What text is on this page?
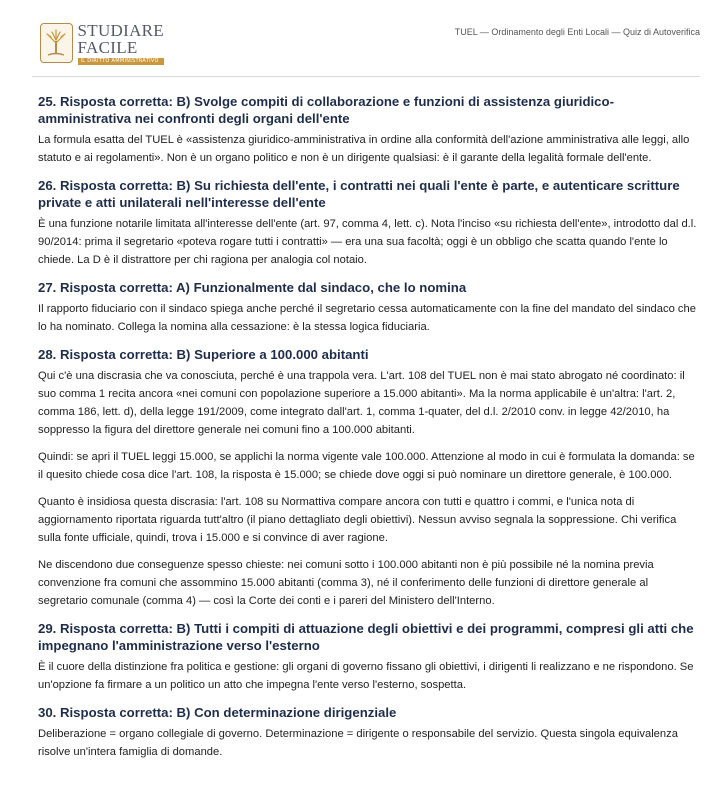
STUDIARE
FACILE
IL DIRITTO AMMINISTRATIVO
TUEL — Ordinamento degli Enti Locali — Quiz di Autoverifica
25. Risposta corretta: B) Svolge compiti di collaborazione e funzioni di assistenza giuridico-amministrativa nei confronti degli organi dell'ente

La formula esatta del TUEL è «assistenza giuridico-amministrativa in ordine alla conformità dell'azione amministrativa alle leggi, allo statuto e ai regolamenti». Non è un organo politico e non è un dirigente qualsiasi: è il garante della legalità formale dell'ente.

26. Risposta corretta: B) Su richiesta dell'ente, i contratti nei quali l'ente è parte, e autenticare scritture private e atti unilaterali nell'interesse dell'ente

È una funzione notarile limitata all'interesse dell'ente (art. 97, comma 4, lett. c). Nota l'inciso «su richiesta dell'ente», introdotto dal d.l. 90/2014: prima il segretario «poteva rogare tutti i contratti» — era una sua facoltà; oggi è un obbligo che scatta quando l'ente lo chiede. La D è il distrattore per chi ragiona per analogia col notaio.

27. Risposta corretta: A) Funzionalmente dal sindaco, che lo nomina

Il rapporto fiduciario con il sindaco spiega anche perché il segretario cessa automaticamente con la fine del mandato del sindaco che lo ha nominato. Collega la nomina alla cessazione: è la stessa logica fiduciaria.

28. Risposta corretta: B) Superiore a 100.000 abitanti

Qui c'è una discrasia che va conosciuta, perché è una trappola vera. L'art. 108 del TUEL non è mai stato abrogato né coordinato: il suo comma 1 recita ancora «nei comuni con popolazione superiore a 15.000 abitanti». Ma la norma applicabile è un'altra: l'art. 2, comma 186, lett. d), della legge 191/2009, come integrato dall'art. 1, comma 1-quater, del d.l. 2/2010 conv. in legge 42/2010, ha soppresso la figura del direttore generale nei comuni fino a 100.000 abitanti.

Quindi: se apri il TUEL leggi 15.000, se applichi la norma vigente vale 100.000. Attenzione al modo in cui è formulata la domanda: se il quesito chiede cosa dice l'art. 108, la risposta è 15.000; se chiede dove oggi si può nominare un direttore generale, è 100.000.

Quanto è insidiosa questa discrasia: l'art. 108 su Normattiva compare ancora con tutti e quattro i commi, e l'unica nota di aggiornamento riportata riguarda tutt'altro (il piano dettagliato degli obiettivi). Nessun avviso segnala la soppressione. Chi verifica sulla fonte ufficiale, quindi, trova i 15.000 e si convince di aver ragione.

Ne discendono due conseguenze spesso chieste: nei comuni sotto i 100.000 abitanti non è più possibile né la nomina previa convenzione fra comuni che assommino 15.000 abitanti (comma 3), né il conferimento delle funzioni di direttore generale al segretario comunale (comma 4) — così la Corte dei conti e i pareri del Ministero dell'Interno.

29. Risposta corretta: B) Tutti i compiti di attuazione degli obiettivi e dei programmi, compresi gli atti che impegnano l'amministrazione verso l'esterno

È il cuore della distinzione fra politica e gestione: gli organi di governo fissano gli obiettivi, i dirigenti li realizzano e ne rispondono. Se un'opzione fa firmare a un politico un atto che impegna l'ente verso l'esterno, sospetta.

30. Risposta corretta: B) Con determinazione dirigenziale

Deliberazione = organo collegiale di governo. Determinazione = dirigente o responsabile del servizio. Questa singola equivalenza risolve un'intera famiglia di domande.
